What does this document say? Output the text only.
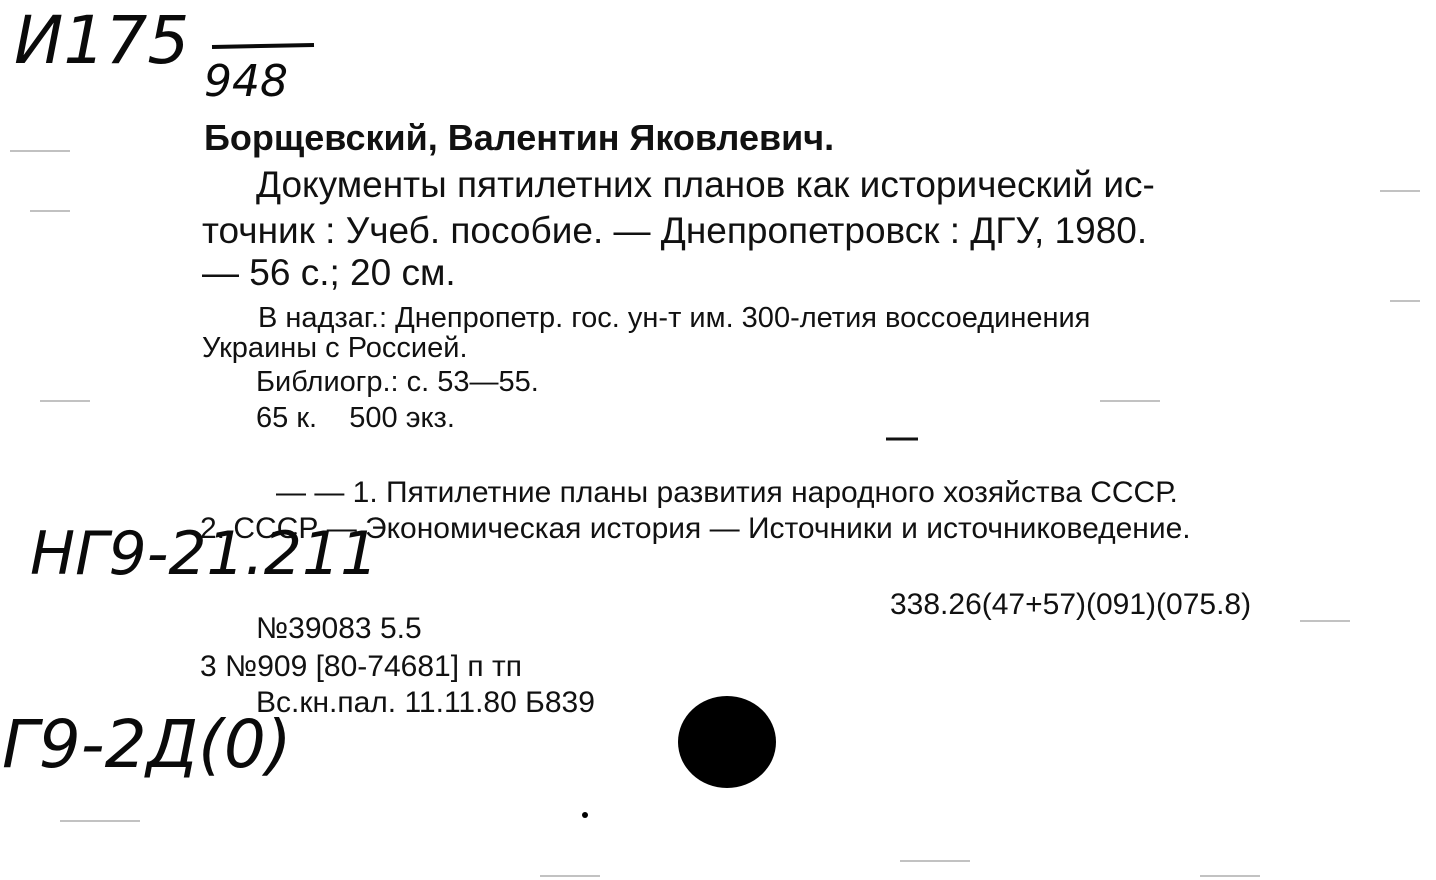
И175
948
Борщевский, Валентин Яковлевич.
Документы пятилетних планов как исторический ис-
точник : Учеб. пособие. — Днепропетровск : ДГУ, 1980.
— 56 с.; 20 см.
В надзаг.: Днепропетр. гос. ун-т им. 300-летия воссоединения
Украины с Россией.
Библиогр.: с. 53—55.
65 к.    500 экз.
— — 1. Пятилетние планы развития народного хозяйства СССР.
2. СССР — Экономическая история — Источники и источниковедение.
НГ9-21.211
338.26(47+57)(091)(075.8)
№39083 5.5
3 №909 [80-74681] п тп
Вс.кн.пал. 11.11.80 Б839
Г9-2Д(0)
